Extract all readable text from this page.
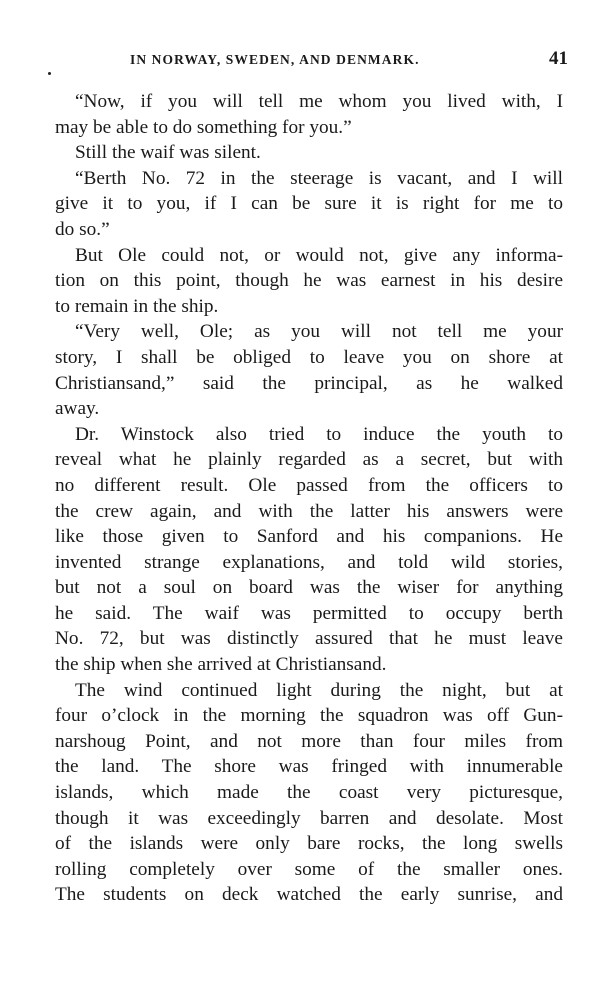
IN NORWAY, SWEDEN, AND DENMARK.	41
“Now, if you will tell me whom you lived with, I
may be able to do something for you.”
Still the waif was silent.
“Berth No. 72 in the steerage is vacant, and I will
give it to you, if I can be sure it is right for me to
do so.”
But Ole could not, or would not, give any informa-
tion on this point, though he was earnest in his desire
to remain in the ship.
“Very well, Ole; as you will not tell me your
story, I shall be obliged to leave you on shore at
Christiansand,” said the principal, as he walked
away.
Dr. Winstock also tried to induce the youth to
reveal what he plainly regarded as a secret, but with
no different result. Ole passed from the officers to
the crew again, and with the latter his answers were
like those given to Sanford and his companions. He
invented strange explanations, and told wild stories,
but not a soul on board was the wiser for anything
he said. The waif was permitted to occupy berth
No. 72, but was distinctly assured that he must leave
the ship when she arrived at Christiansand.
The wind continued light during the night, but at
four o’clock in the morning the squadron was off Gun-
narshoug Point, and not more than four miles from
the land. The shore was fringed with innumerable
islands, which made the coast very picturesque,
though it was exceedingly barren and desolate. Most
of the islands were only bare rocks, the long swells
rolling completely over some of the smaller ones.
The students on deck watched the early sunrise, and
